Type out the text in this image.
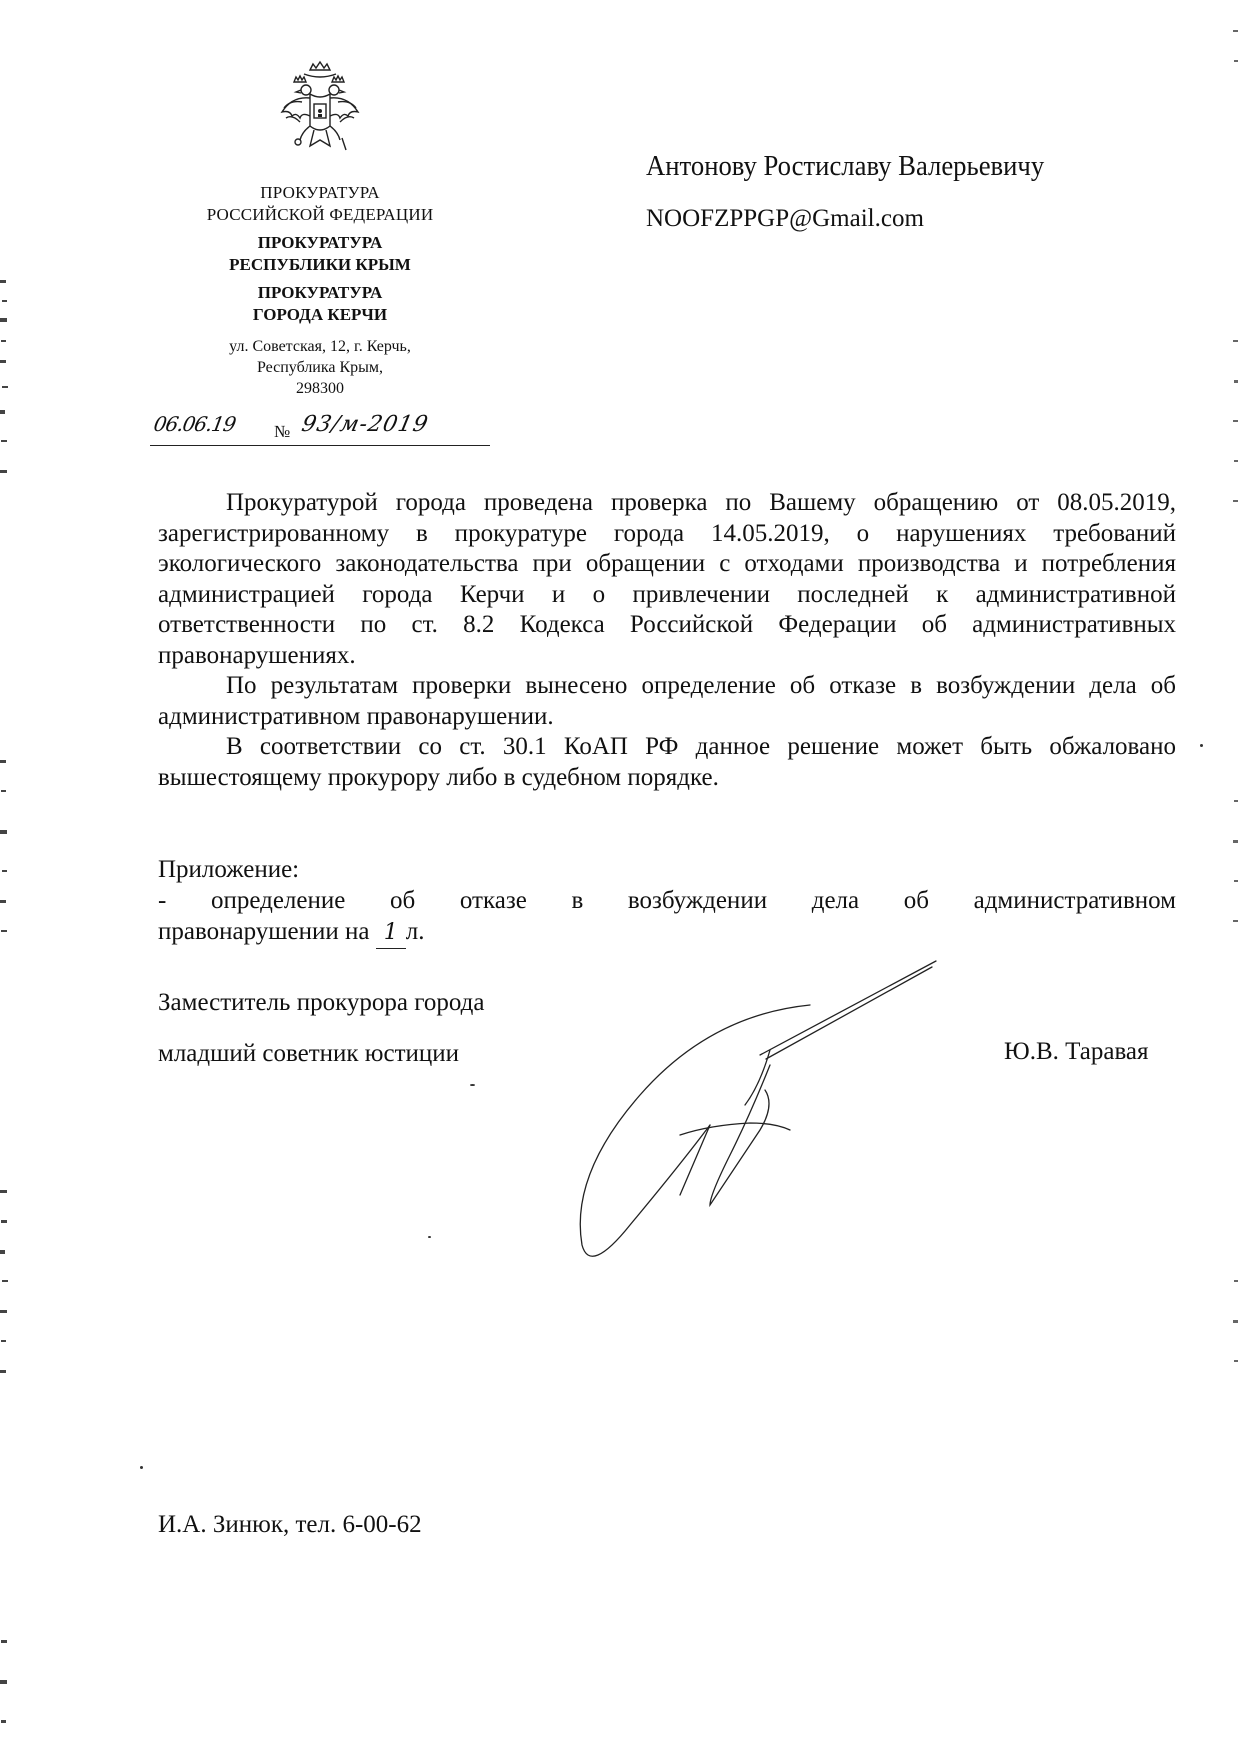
ПРОКУРАТУРА
РОССИЙСКОЙ ФЕДЕРАЦИИ
ПРОКУРАТУРА
РЕСПУБЛИКИ КРЫМ
ПРОКУРАТУРА
ГОРОДА КЕРЧИ
ул. Советская, 12, г. Керчь,
Республика Крым,
298300
06.06.19	№ 93/м-2019
Антонову Ростиславу Валерьевичу
NOOFZPPGP@Gmail.com

Прокуратурой города проведена проверка по Вашему обращению от 08.05.2019, зарегистрированному в прокуратуре города 14.05.2019, о нарушениях требований экологического законодательства при обращении с отходами производства и потребления администрацией города Керчи и о привлечении последней к административной ответственности по ст. 8.2 Кодекса Российской Федерации об административных правонарушениях.

По результатам проверки вынесено определение об отказе в возбуждении дела об административном правонарушении.

В соответствии со ст. 30.1 КоАП РФ данное решение может быть обжаловано вышестоящему прокурору либо в судебном порядке.

Приложение:

- определение об отказе в возбуждении дела об административном

правонарушении на 1 л.

Заместитель прокурора города
младший советник юстиции	Ю.В. Таравая
И.А. Зинюк, тел. 6-00-62
